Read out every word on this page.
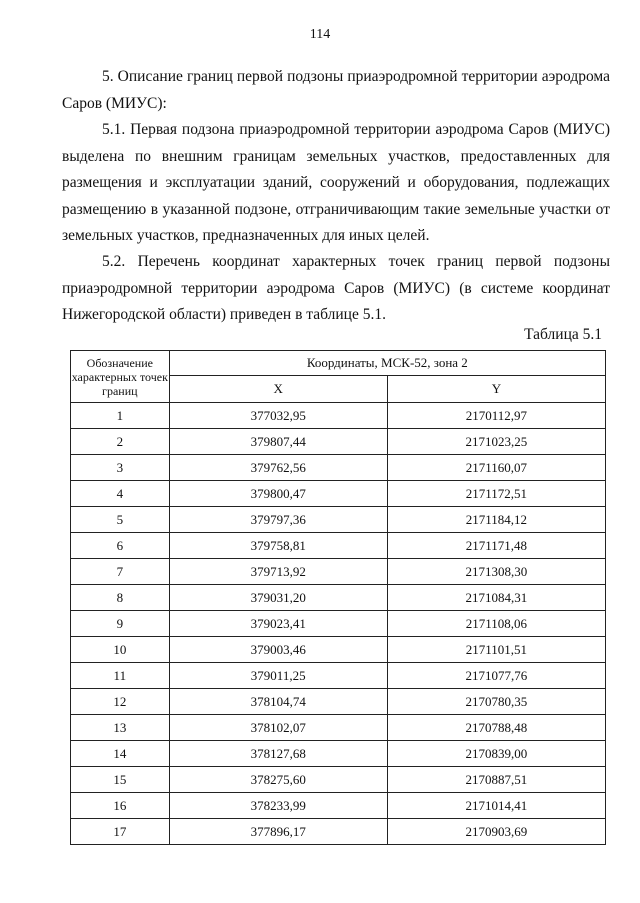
114

5. Описание границ первой подзоны приаэродромной территории аэродрома Саров (МИУС):

5.1. Первая подзона приаэродромной территории аэродрома Саров (МИУС) выделена по внешним границам земельных участков, предоставленных для размещения и эксплуатации зданий, сооружений и оборудования, подлежащих размещению в указанной подзоне, отграничивающим такие земельные участки от земельных участков, предназначенных для иных целей.

5.2. Перечень координат характерных точек границ первой подзоны приаэродромной территории аэродрома Саров (МИУС) (в системе координат Нижегородской области) приведен в таблице 5.1.

Таблица 5.1
Обозначение характерных точек границ	Координаты, МСК-52, зона 2	
	X	Y
1	377032,95	2170112,97
2	379807,44	2171023,25
3	379762,56	2171160,07
4	379800,47	2171172,51
5	379797,36	2171184,12
6	379758,81	2171171,48
7	379713,92	2171308,30
8	379031,20	2171084,31
9	379023,41	2171108,06
10	379003,46	2171101,51
11	379011,25	2171077,76
12	378104,74	2170780,35
13	378102,07	2170788,48
14	378127,68	2170839,00
15	378275,60	2170887,51
16	378233,99	2171014,41
17	377896,17	2170903,69
